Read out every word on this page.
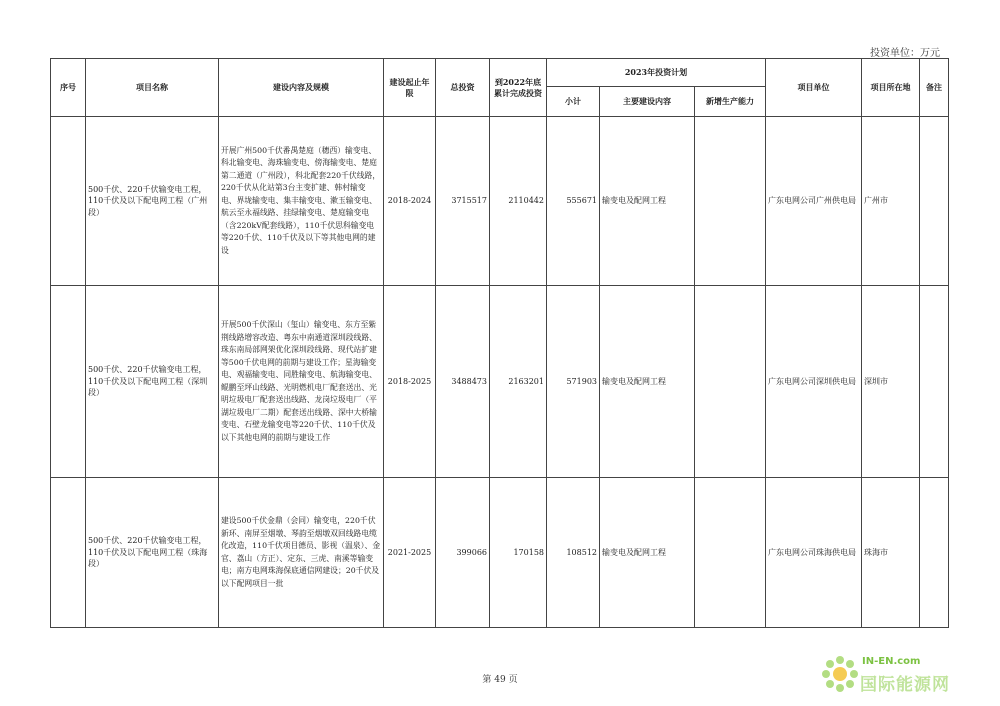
投资单位：万元
序号	项目名称	建设内容及规模	建设起止年限	总投资	到2022年底累计完成投资	2023年投资计划			项目单位	项目所在地	备注
						小计	主要建设内容	新增生产能力			
	500千伏、220千伏输变电工程，110千伏及以下配电网工程（广州段）	开展广州500千伏番禺楚庭（穗西）输变电、科北输变电、海珠输变电、傍海输变电、楚庭第二通道（广州段），科北配套220千伏线路，220千伏从化站第3台主变扩建、韩村输变电、界垅输变电、集丰输变电、漱玉输变电、航云至永福线路、挂绿输变电、楚庭输变电（含220kV配套线路），110千伏思科输变电等220千伏、110千伏及以下等其他电网的建设	2018-2024	3715517	2110442	555671	输变电及配网工程		广东电网公司广州供电局	广州市	
	500千伏、220千伏输变电工程，110千伏及以下配电网工程（深圳段）	开展500千伏深山（玺山）输变电、东方至紫荆线路增容改造、粤东中南通道深圳段线路、珠东南局部网架优化深圳段线路、现代站扩建等500千伏电网的前期与建设工作；星海输变电、观福输变电、同胜输变电、航海输变电、鲲鹏至坪山线路、光明燃机电厂配套送出、光明垃圾电厂配套送出线路、龙岗垃圾电厂（平湖垃圾电厂二期）配套送出线路、深中大桥输变电、石壁龙输变电等220千伏、110千伏及以下其他电网的前期与建设工作	2018-2025	3488473	2163201	571903	输变电及配网工程		广东电网公司深圳供电局	深圳市	
	500千伏、220千伏输变电工程，110千伏及以下配电网工程（珠海段）	建设500千伏金鼎（会同）输变电，220千伏新环、南屏至烟墩、琴韵至烟墩双回线路电缆化改造，110千伏项目德员、影视（温泉）、金官、荔山（方正）、定东、三虎、南溪等输变电；南方电网珠海保底通信网建设；20千伏及以下配网项目一批	2021-2025	399066	170158	108512	输变电及配网工程		广东电网公司珠海供电局	珠海市	
第 49 页
IN-EN.com
国际能源网
